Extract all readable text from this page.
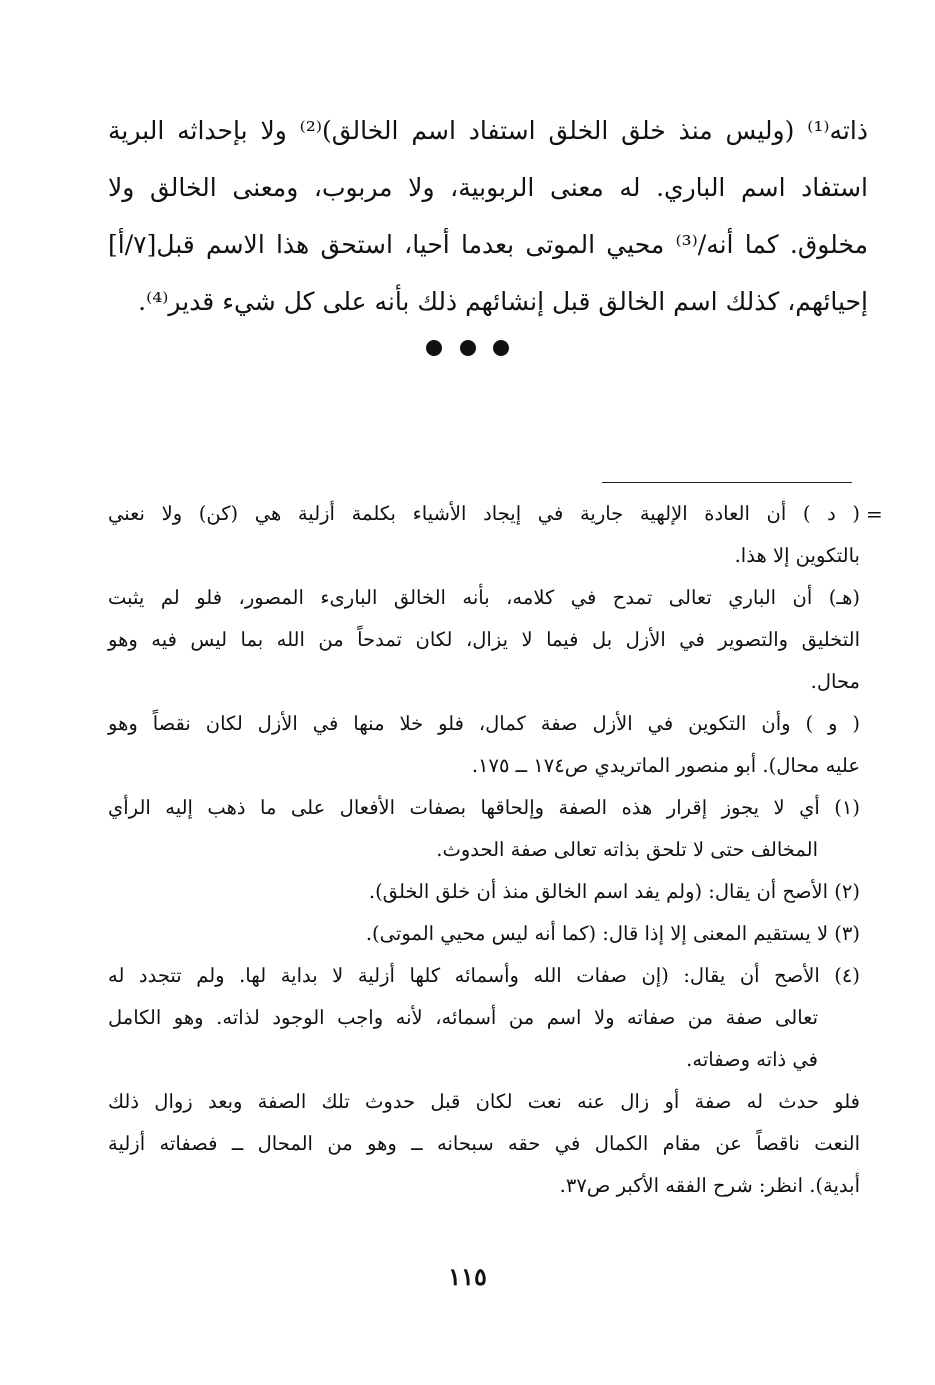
ذاته⁽¹⁾ (وليس منذ خلق الخلق استفاد اسم الخالق)⁽²⁾ ولا بإحداثه البرية
استفاد اسم الباري. له معنى الربوبية، ولا مربوب، ومعنى الخالق ولا
مخلوق. كما أنه/⁽³⁾ محيي الموتى بعدما أحيا، استحق هذا الاسم قبل[٧/أ]
إحيائهم، كذلك اسم الخالق قبل إنشائهم ذلك بأنه على كل شيء قدير⁽⁴⁾.

=
( د ) أن العادة الإلهية جارية في إيجاد الأشياء بكلمة أزلية هي (كن) ولا نعني
بالتكوين إلا هذا.
(هـ) أن الباري تعالى تمدح في كلامه، بأنه الخالق البارىء المصور، فلو لم يثبت
التخليق والتصوير في الأزل بل فيما لا يزال، لكان تمدحاً من الله بما ليس فيه وهو
محال.
( و ) وأن التكوين في الأزل صفة كمال، فلو خلا منها في الأزل لكان نقصاً وهو
عليه محال). أبو منصور الماتريدي ص١٧٤ ــ ١٧٥.
(١) أي لا يجوز إقرار هذه الصفة وإلحاقها بصفات الأفعال على ما ذهب إليه الرأي
المخالف حتى لا تلحق بذاته تعالى صفة الحدوث.
(٢) الأصح أن يقال: (ولم يفد اسم الخالق منذ أن خلق الخلق).
(٣) لا يستقيم المعنى إلا إذا قال: (كما أنه ليس محيي الموتى).
(٤) الأصح أن يقال: (إن صفات الله وأسمائه كلها أزلية لا بداية لها. ولم تتجدد له
تعالى صفة من صفاته ولا اسم من أسمائه، لأنه واجب الوجود لذاته. وهو الكامل
في ذاته وصفاته.
فلو حدث له صفة أو زال عنه نعت لكان قبل حدوث تلك الصفة وبعد زوال ذلك
النعت ناقصاً عن مقام الكمال في حقه سبحانه ــ وهو من المحال ــ فصفاته أزلية
أبدية). انظر: شرح الفقه الأكبر ص٣٧.
١١٥
